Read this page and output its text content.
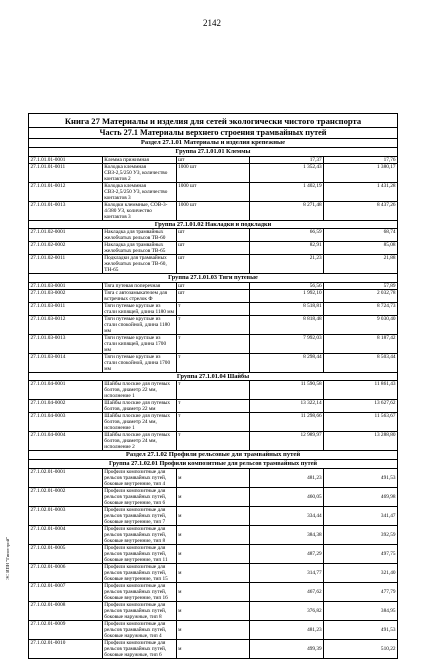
2142
ЭС ИПН "Гипострой"
Книга 27 Материалы и изделия для сетей экологически чистого транспорта				
Часть 27.1 Материалы верхнего строения трамвайных путей				
Раздел 27.1.01 Материалы и изделия крепежные				
Группа 27.1.01.01 Клеммы				
27.1.01.01-0001	Клемма прижимная	шт	17,37	17,76
27.1.01.01-0011	Колодка клеммная СВЗ-2,5/250 УЗ, количество контактов 2	1000 шт	1 352,43	1 380,17
27.1.01.01-0012	Колодка клеммная СВЗ-2,5/250 УЗ, количество контактов 3	1000 шт	1 402,19	1 431,28
27.1.01.01-0013	Колодки клеммные, СОВ-3-4/380 УЗ, количество контактов 3	1000 шт	8 271,48	8 437,26
Группа 27.1.01.02 Накладки и подкладки				
27.1.01.02-0001	Накладка для трамвайных желобчатых рельсов ТВ-60	шт	66,59	68,74
27.1.01.02-0002	Накладка для трамвайных желобчатых рельсов ТВ-65	шт	82,91	85,08
27.1.01.02-0011	Подкладки для трамвайных желобчатых рельсов ТВ-60, ТН-65	шт	21,23	21,88
Группа 27.1.01.03 Тяги путевые				
27.1.01.03-0001	Тяга путевая поперечная	шт	56,56	57,89
27.1.01.03-0002	Тяга с автозамыкателем для встречных стрелок Ф	шт	1 992,10	2 032,78
27.1.01.03-0011	Тяги путевые круглые из стали кипящей, длина 1180 мм	т	8 518,81	8 724,73
27.1.01.03-0012	Тяги путевые круглые из стали спокойной, длина 1180 мм	т	8 818,48	9 030,40
27.1.01.03-0013	Тяги путевые круглые из стали кипящей, длина 1700 мм	т	7 992,03	8 187,42
27.1.01.03-0014	Тяги путевые круглые из стали спокойной, длина 1700 мм	т	8 298,44	8 503,44
Группа 27.1.01.04 Шайбы				
27.1.01.04-0001	Шайбы плоские для путевых болтов, диаметр 22 мм, исполнение 1	т	11 590,58	11 861,43
27.1.01.04-0002	Шайбы плоские для путевых болтов, диаметр 22 мм	т	13 322,14	13 627,62
27.1.01.04-0003	Шайбы плоские для путевых болтов, диаметр 24 мм, исполнение 1	т	11 298,66	11 563,67
27.1.01.04-0004	Шайбы плоские для путевых болтов, диаметр 24 мм, исполнение 2	т	12 989,97	13 288,80
Раздел 27.1.02 Профили рельсовые для трамвайных путей				
Группа 27.1.02.01 Профили композитные для рельсов трамвайных путей				
27.1.02.01-0001	Профили композитные для рельсов трамвайных путей, боковые внутренние, тип 4	м	481,23	491,53
27.1.02.01-0002	Профили композитные для рельсов трамвайных путей, боковые внутренние, тип 6	м	460,05	469,98
27.1.02.01-0003	Профили композитные для рельсов трамвайных путей, боковые внутренние, тип 7	м	334,44	341,47
27.1.02.01-0004	Профили композитные для рельсов трамвайных путей, боковые внутренние, тип 8	м	384,38	392,59
27.1.02.01-0005	Профили композитные для рельсов трамвайных путей, боковые внутренние, тип 11	м	487,29	497,75
27.1.02.01-0006	Профили композитные для рельсов трамвайных путей, боковые внутренние, тип 15	м	314,77	321,40
27.1.02.01-0007	Профили композитные для рельсов трамвайных путей, боковые внутренние, тип 16	м	467,62	477,79
27.1.02.01-0008	Профили композитные для рельсов трамвайных путей, боковые наружные, тип 8	м	376,82	384,95
27.1.02.01-0009	Профили композитные для рельсов трамвайных путей, боковые наружные, тип 4	м	481,23	491,53
27.1.02.01-0010	Профили композитные для рельсов трамвайных путей, боковые наружные, тип 6	м	499,39	510,22
